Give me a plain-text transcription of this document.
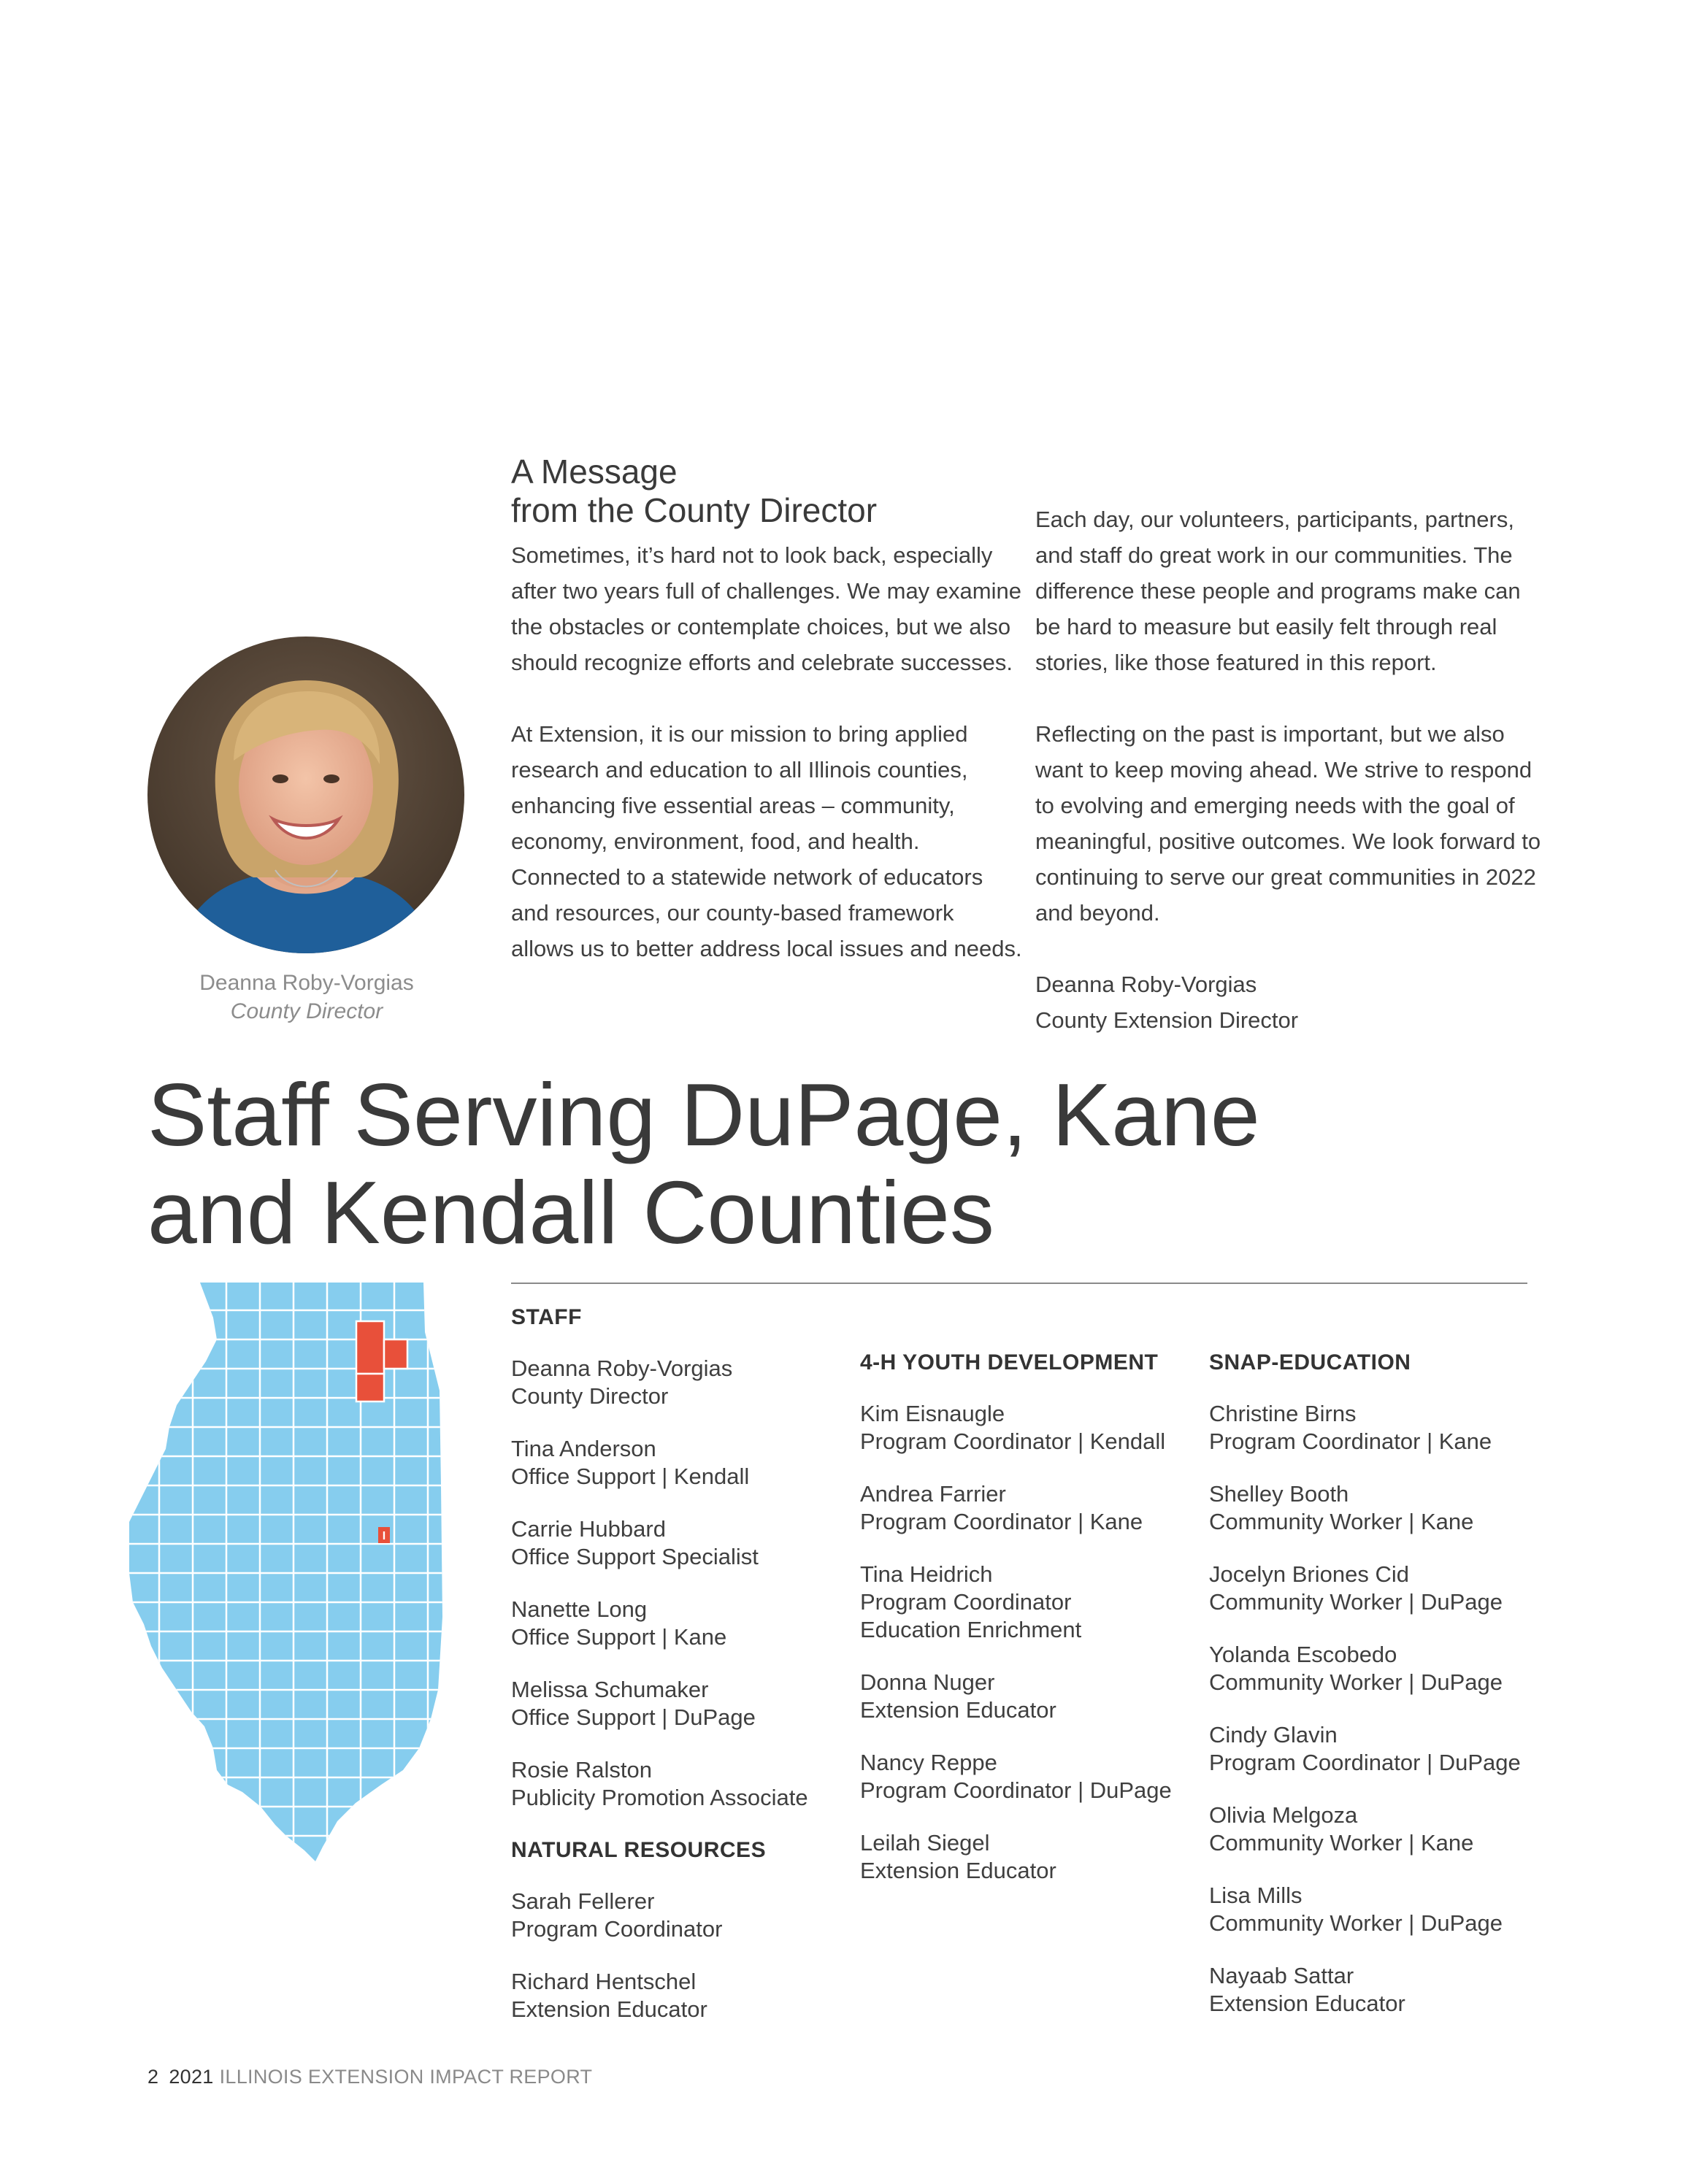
A Message
from the County Director

Sometimes, it’s hard not to look back, especially after two years full of challenges. We may examine the obstacles or contemplate choices, but we also should recognize efforts and celebrate successes.

At Extension, it is our mission to bring applied research and education to all Illinois counties, enhancing five essential areas – community, economy, environment, food, and health. Connected to a statewide network of educators and resources, our county-based framework allows us to better address local issues and needs.

Each day, our volunteers, participants, partners, and staff do great work in our communities. The difference these people and programs make can be hard to measure but easily felt through real stories, like those featured in this report.

Reflecting on the past is important, but we also want to keep moving ahead. We strive to respond to evolving and emerging needs with the goal of meaningful, positive outcomes. We look forward to continuing to serve our great communities in 2022 and beyond.

Deanna Roby-Vorgias
County Extension Director

Deanna Roby-Vorgias
County Director
Staff Serving DuPage, Kane
and Kendall Counties
I
STAFF
Deanna Roby-Vorgias
County Director
Tina Anderson
Office Support | Kendall
Carrie Hubbard
Office Support Specialist
Nanette Long
Office Support | Kane
Melissa Schumaker
Office Support | DuPage
Rosie Ralston
Publicity Promotion Associate
NATURAL RESOURCES
Sarah Fellerer
Program Coordinator
Richard Hentschel
Extension Educator
4-H YOUTH DEVELOPMENT
Kim Eisnaugle
Program Coordinator | Kendall
Andrea Farrier
Program Coordinator | Kane
Tina Heidrich
Program Coordinator
Education Enrichment
Donna Nuger
Extension Educator
Nancy Reppe
Program Coordinator | DuPage
Leilah Siegel
Extension Educator
SNAP-EDUCATION
Christine Birns
Program Coordinator | Kane
Shelley Booth
Community Worker | Kane
Jocelyn Briones Cid
Community Worker | DuPage
Yolanda Escobedo
Community Worker | DuPage
Cindy Glavin
Program Coordinator | DuPage
Olivia Melgoza
Community Worker | Kane
Lisa Mills
Community Worker | DuPage
Nayaab Sattar
Extension Educator
2 2021 ILLINOIS EXTENSION IMPACT REPORT
